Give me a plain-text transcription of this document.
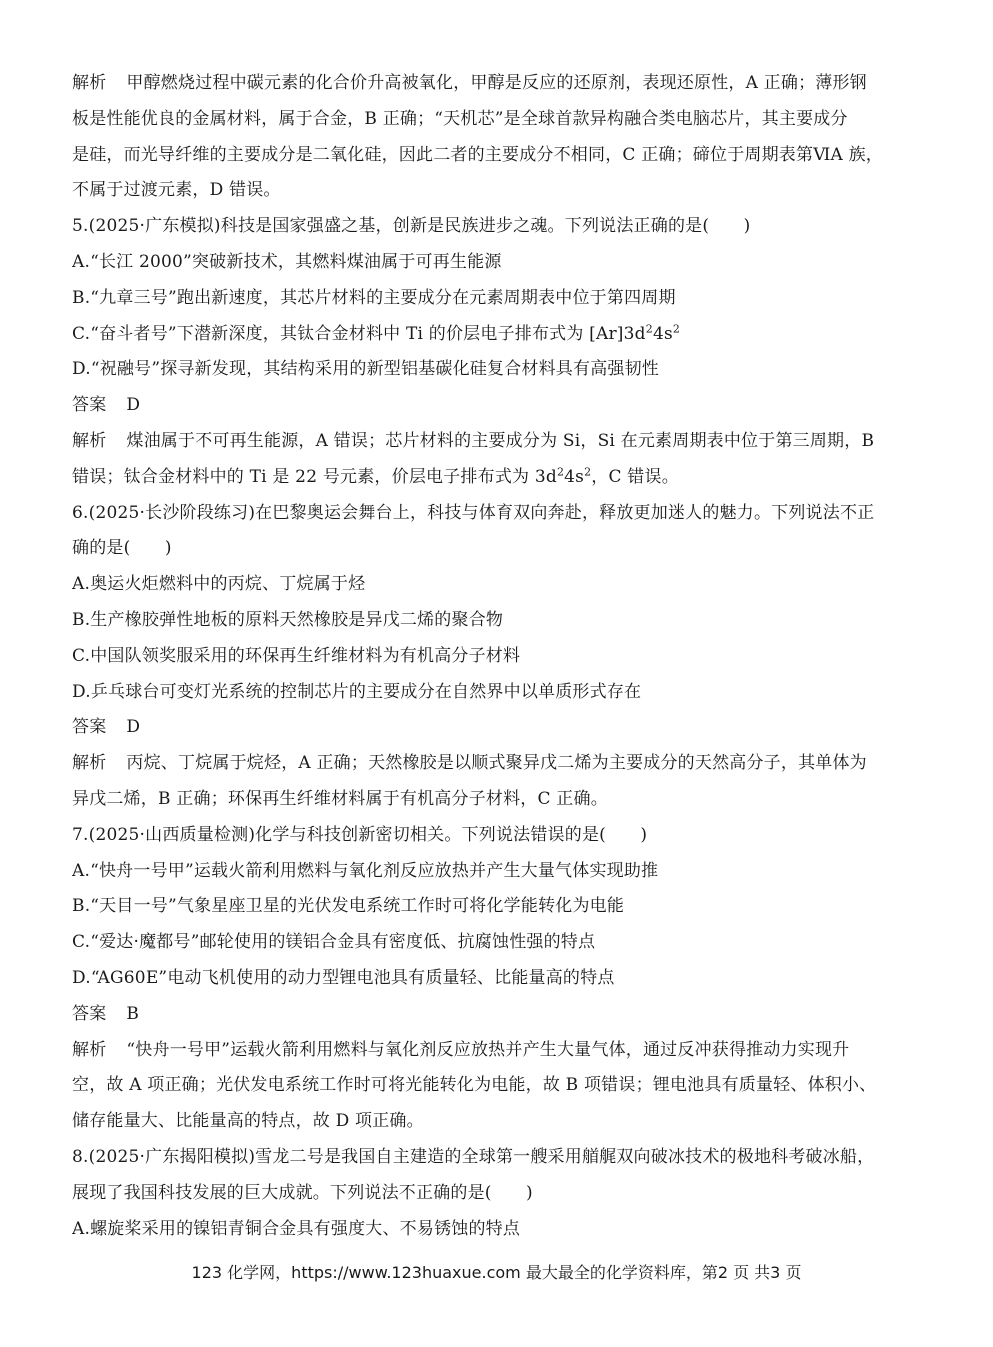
解析 甲醇燃烧过程中碳元素的化合价升高被氧化，甲醇是反应的还原剂，表现还原性，A 正确；薄形钢
板是性能优良的金属材料，属于合金，B 正确；“天机芯”是全球首款异构融合类电脑芯片，其主要成分
是硅，而光导纤维的主要成分是二氧化硅，因此二者的主要成分不相同，C 正确；碲位于周期表第ⅥA 族，
不属于过渡元素，D 错误。
5.(2025·广东模拟)科技是国家强盛之基，创新是民族进步之魂。下列说法正确的是(　　)
A.“长江 2000”突破新技术，其燃料煤油属于可再生能源
B.“九章三号”跑出新速度，其芯片材料的主要成分在元素周期表中位于第四周期
C.“奋斗者号”下潜新深度，其钛合金材料中 Ti 的价层电子排布式为 $[Ar]3d^24s^2$
D.“祝融号”探寻新发现，其结构采用的新型铝基碳化硅复合材料具有高强韧性
答案 D
解析 煤油属于不可再生能源，A 错误；芯片材料的主要成分为 Si，Si 在元素周期表中位于第三周期，B
错误；钛合金材料中的 Ti 是 22 号元素，价层电子排布式为 $3d^24s^2$，C 错误。
6.(2025·长沙阶段练习)在巴黎奥运会舞台上，科技与体育双向奔赴，释放更加迷人的魅力。下列说法不正
确的是(　　)
A.奥运火炬燃料中的丙烷、丁烷属于烃
B.生产橡胶弹性地板的原料天然橡胶是异戊二烯的聚合物
C.中国队领奖服采用的环保再生纤维材料为有机高分子材料
D.乒乓球台可变灯光系统的控制芯片的主要成分在自然界中以单质形式存在
答案 D
解析 丙烷、丁烷属于烷烃，A 正确；天然橡胶是以顺式聚异戊二烯为主要成分的天然高分子，其单体为
异戊二烯，B 正确；环保再生纤维材料属于有机高分子材料，C 正确。
7.(2025·山西质量检测)化学与科技创新密切相关。下列说法错误的是(　　)
A.“快舟一号甲”运载火箭利用燃料与氧化剂反应放热并产生大量气体实现助推
B.“天目一号”气象星座卫星的光伏发电系统工作时可将化学能转化为电能
C.“爱达·魔都号”邮轮使用的镁铝合金具有密度低、抗腐蚀性强的特点
D.“AG60E”电动飞机使用的动力型锂电池具有质量轻、比能量高的特点
答案 B
解析 “快舟一号甲”运载火箭利用燃料与氧化剂反应放热并产生大量气体，通过反冲获得推动力实现升
空，故 A 项正确；光伏发电系统工作时可将光能转化为电能，故 B 项错误；锂电池具有质量轻、体积小、
储存能量大、比能量高的特点，故 D 项正确。
8.(2025·广东揭阳模拟)雪龙二号是我国自主建造的全球第一艘采用艏艉双向破冰技术的极地科考破冰船，
展现了我国科技发展的巨大成就。下列说法不正确的是(　　)
A.螺旋桨采用的镍铝青铜合金具有强度大、不易锈蚀的特点
123 化学网，https://www.123huaxue.com 最大最全的化学资料库，第2 页 共3 页
